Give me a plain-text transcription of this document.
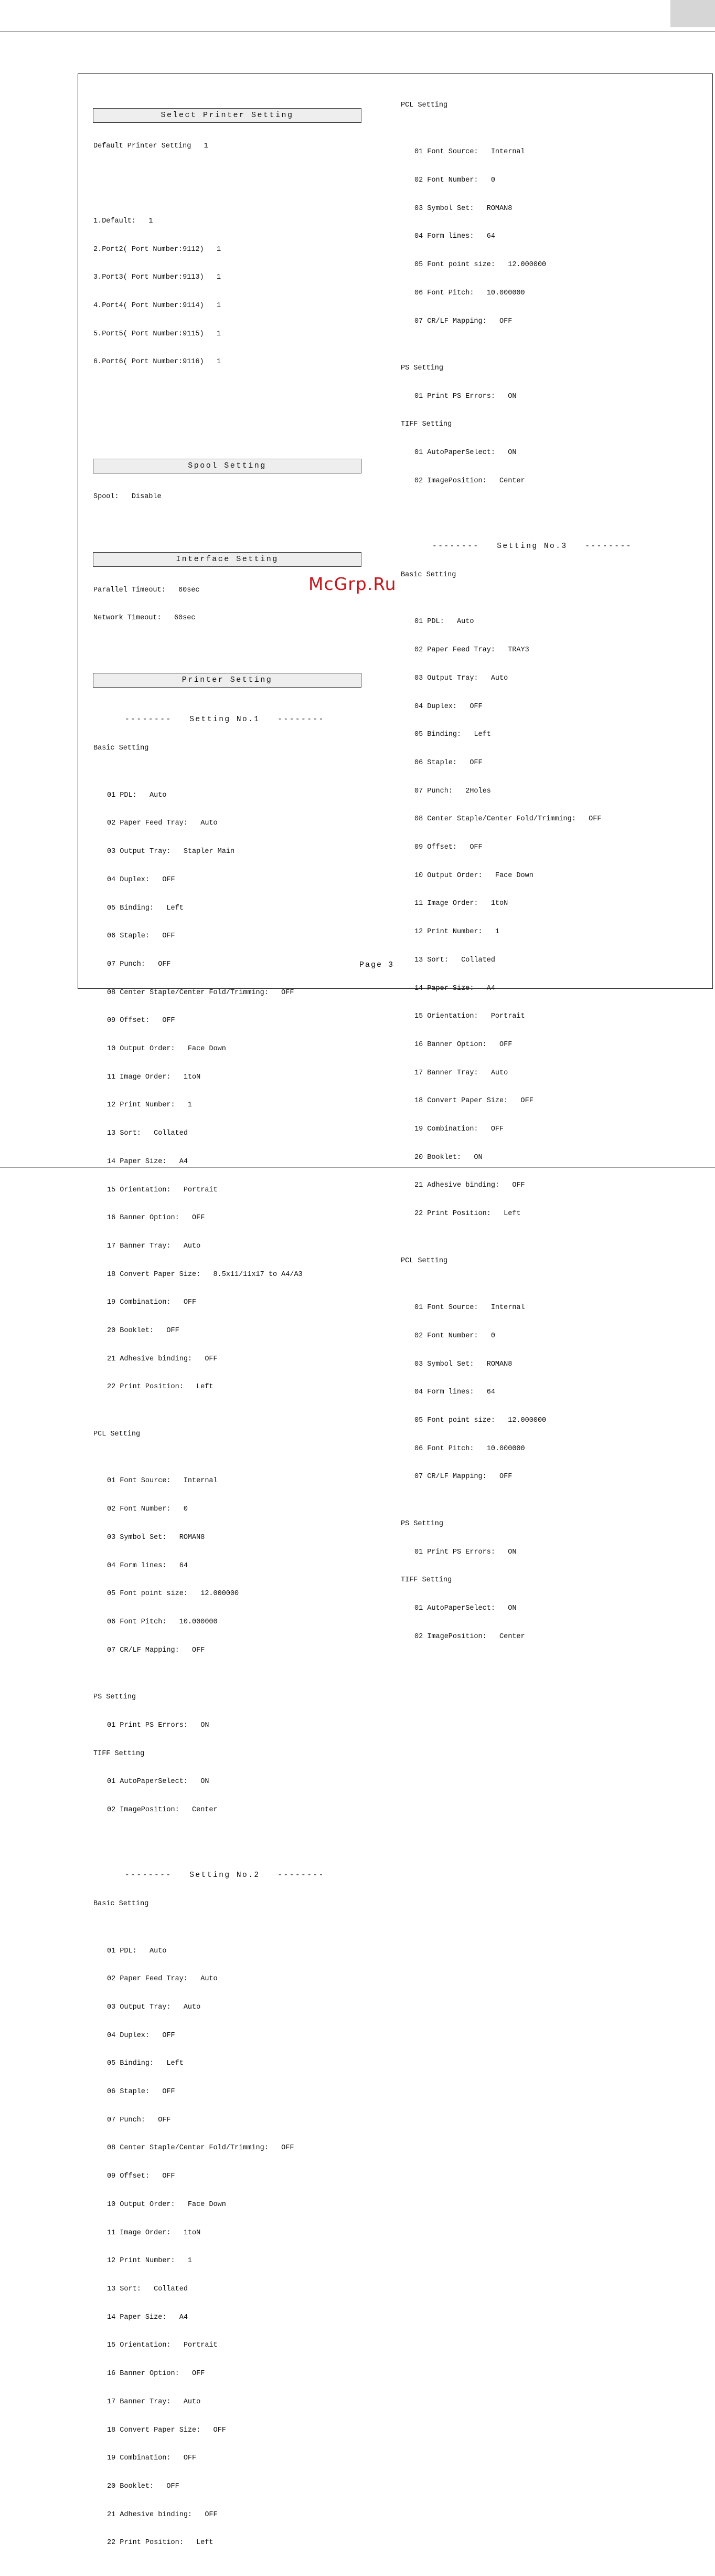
Select Printer Setting

Default Printer Setting   1

1.Default:   1

2.Port2( Port Number:9112)   1

3.Port3( Port Number:9113)   1

4.Port4( Port Number:9114)   1

5.Port5( Port Number:9115)   1

6.Port6( Port Number:9116)   1

Spool Setting

Spool:   Disable

Interface Setting

Parallel Timeout:   60sec

Network Timeout:   60sec

Printer Setting

--------   Setting No.1   --------

Basic Setting

01 PDL:   Auto

02 Paper Feed Tray:   Auto

03 Output Tray:   Stapler Main

04 Duplex:   OFF

05 Binding:   Left

06 Staple:   OFF

07 Punch:   OFF

08 Center Staple/Center Fold/Trimming:   OFF

09 Offset:   OFF

10 Output Order:   Face Down

11 Image Order:   1toN

12 Print Number:   1

13 Sort:   Collated

14 Paper Size:   A4

15 Orientation:   Portrait

16 Banner Option:   OFF

17 Banner Tray:   Auto

18 Convert Paper Size:   8.5x11/11x17 to A4/A3

19 Combination:   OFF

20 Booklet:   OFF

21 Adhesive binding:   OFF

22 Print Position:   Left

PCL Setting

01 Font Source:   Internal

02 Font Number:   0

03 Symbol Set:   ROMAN8

04 Form lines:   64

05 Font point size:   12.000000

06 Font Pitch:   10.000000

07 CR/LF Mapping:   OFF

PS Setting

01 Print PS Errors:   ON

TIFF Setting

01 AutoPaperSelect:   ON

02 ImagePosition:   Center

--------   Setting No.2   --------

Basic Setting

01 PDL:   Auto

02 Paper Feed Tray:   Auto

03 Output Tray:   Auto

04 Duplex:   OFF

05 Binding:   Left

06 Staple:   OFF

07 Punch:   OFF

08 Center Staple/Center Fold/Trimming:   OFF

09 Offset:   OFF

10 Output Order:   Face Down

11 Image Order:   1toN

12 Print Number:   1

13 Sort:   Collated

14 Paper Size:   A4

15 Orientation:   Portrait

16 Banner Option:   OFF

17 Banner Tray:   Auto

18 Convert Paper Size:   OFF

19 Combination:   OFF

20 Booklet:   OFF

21 Adhesive binding:   OFF

22 Print Position:   Left

PCL Setting

01 Font Source:   Internal

02 Font Number:   0

03 Symbol Set:   ROMAN8

04 Form lines:   64

05 Font point size:   12.000000

06 Font Pitch:   10.000000

07 CR/LF Mapping:   OFF

PS Setting

01 Print PS Errors:   ON

TIFF Setting

01 AutoPaperSelect:   ON

02 ImagePosition:   Center

--------   Setting No.3   --------

Basic Setting

01 PDL:   Auto

02 Paper Feed Tray:   TRAY3

03 Output Tray:   Auto

04 Duplex:   OFF

05 Binding:   Left

06 Staple:   OFF

07 Punch:   2Holes

08 Center Staple/Center Fold/Trimming:   OFF

09 Offset:   OFF

10 Output Order:   Face Down

11 Image Order:   1toN

12 Print Number:   1

13 Sort:   Collated

14 Paper Size:   A4

15 Orientation:   Portrait

16 Banner Option:   OFF

17 Banner Tray:   Auto

18 Convert Paper Size:   OFF

19 Combination:   OFF

20 Booklet:   ON

21 Adhesive binding:   OFF

22 Print Position:   Left

PCL Setting

01 Font Source:   Internal

02 Font Number:   0

03 Symbol Set:   ROMAN8

04 Form lines:   64

05 Font point size:   12.000000

06 Font Pitch:   10.000000

07 CR/LF Mapping:   OFF

PS Setting

01 Print PS Errors:   ON

TIFF Setting

01 AutoPaperSelect:   ON

02 ImagePosition:   Center

McGrp.Ru
Page 3
